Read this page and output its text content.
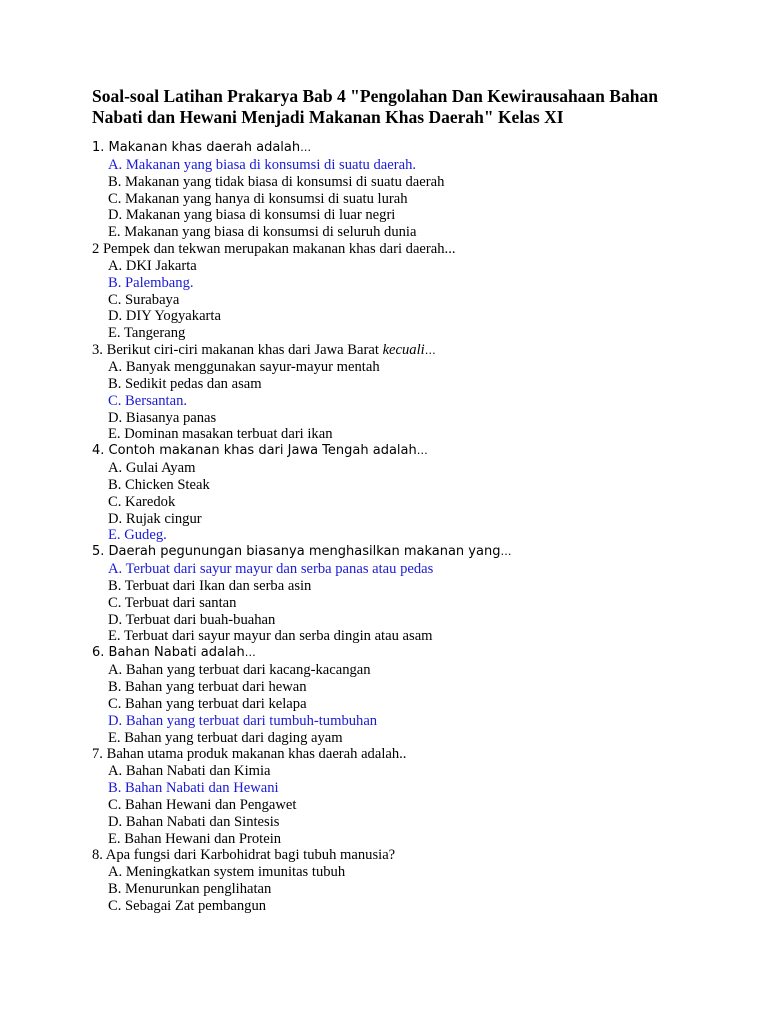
Soal-soal Latihan Prakarya Bab 4 "Pengolahan Dan Kewirausahaan Bahan
Nabati dan Hewani Menjadi Makanan Khas Daerah" Kelas XI
1. Makanan khas daerah adalah…
A. Makanan yang biasa di konsumsi di suatu daerah.
B. Makanan yang tidak biasa di konsumsi di suatu daerah
C. Makanan yang hanya di konsumsi di suatu lurah
D. Makanan yang biasa di konsumsi di luar negri
E. Makanan yang biasa di konsumsi di seluruh dunia
2 Pempek dan tekwan merupakan makanan khas dari daerah...
A. DKI Jakarta
B. Palembang.
C. Surabaya
D. DIY Yogyakarta
E. Tangerang
3. Berikut ciri-ciri makanan khas dari Jawa Barat kecuali…
A. Banyak menggunakan sayur-mayur mentah
B. Sedikit pedas dan asam
C. Bersantan.
D. Biasanya panas
E. Dominan masakan terbuat dari ikan
4. Contoh makanan khas dari Jawa Tengah adalah…
A. Gulai Ayam
B. Chicken Steak
C. Karedok
D. Rujak cingur
E. Gudeg.
5. Daerah pegunungan biasanya menghasilkan makanan yang…
A. Terbuat dari sayur mayur dan serba panas atau pedas
B. Terbuat dari Ikan dan serba asin
C. Terbuat dari santan
D. Terbuat dari buah-buahan
E. Terbuat dari sayur mayur dan serba dingin atau asam
6. Bahan Nabati adalah…
A. Bahan yang terbuat dari kacang-kacangan
B. Bahan yang terbuat dari hewan
C. Bahan yang terbuat dari kelapa
D. Bahan yang terbuat dari tumbuh-tumbuhan
E. Bahan yang terbuat dari daging ayam
7. Bahan utama produk makanan khas daerah adalah..
A. Bahan Nabati dan Kimia
B. Bahan Nabati dan Hewani
C. Bahan Hewani dan Pengawet
D. Bahan Nabati dan Sintesis
E. Bahan Hewani dan Protein
8. Apa fungsi dari Karbohidrat bagi tubuh manusia?
A. Meningkatkan system imunitas tubuh
B. Menurunkan penglihatan
C. Sebagai Zat pembangun
